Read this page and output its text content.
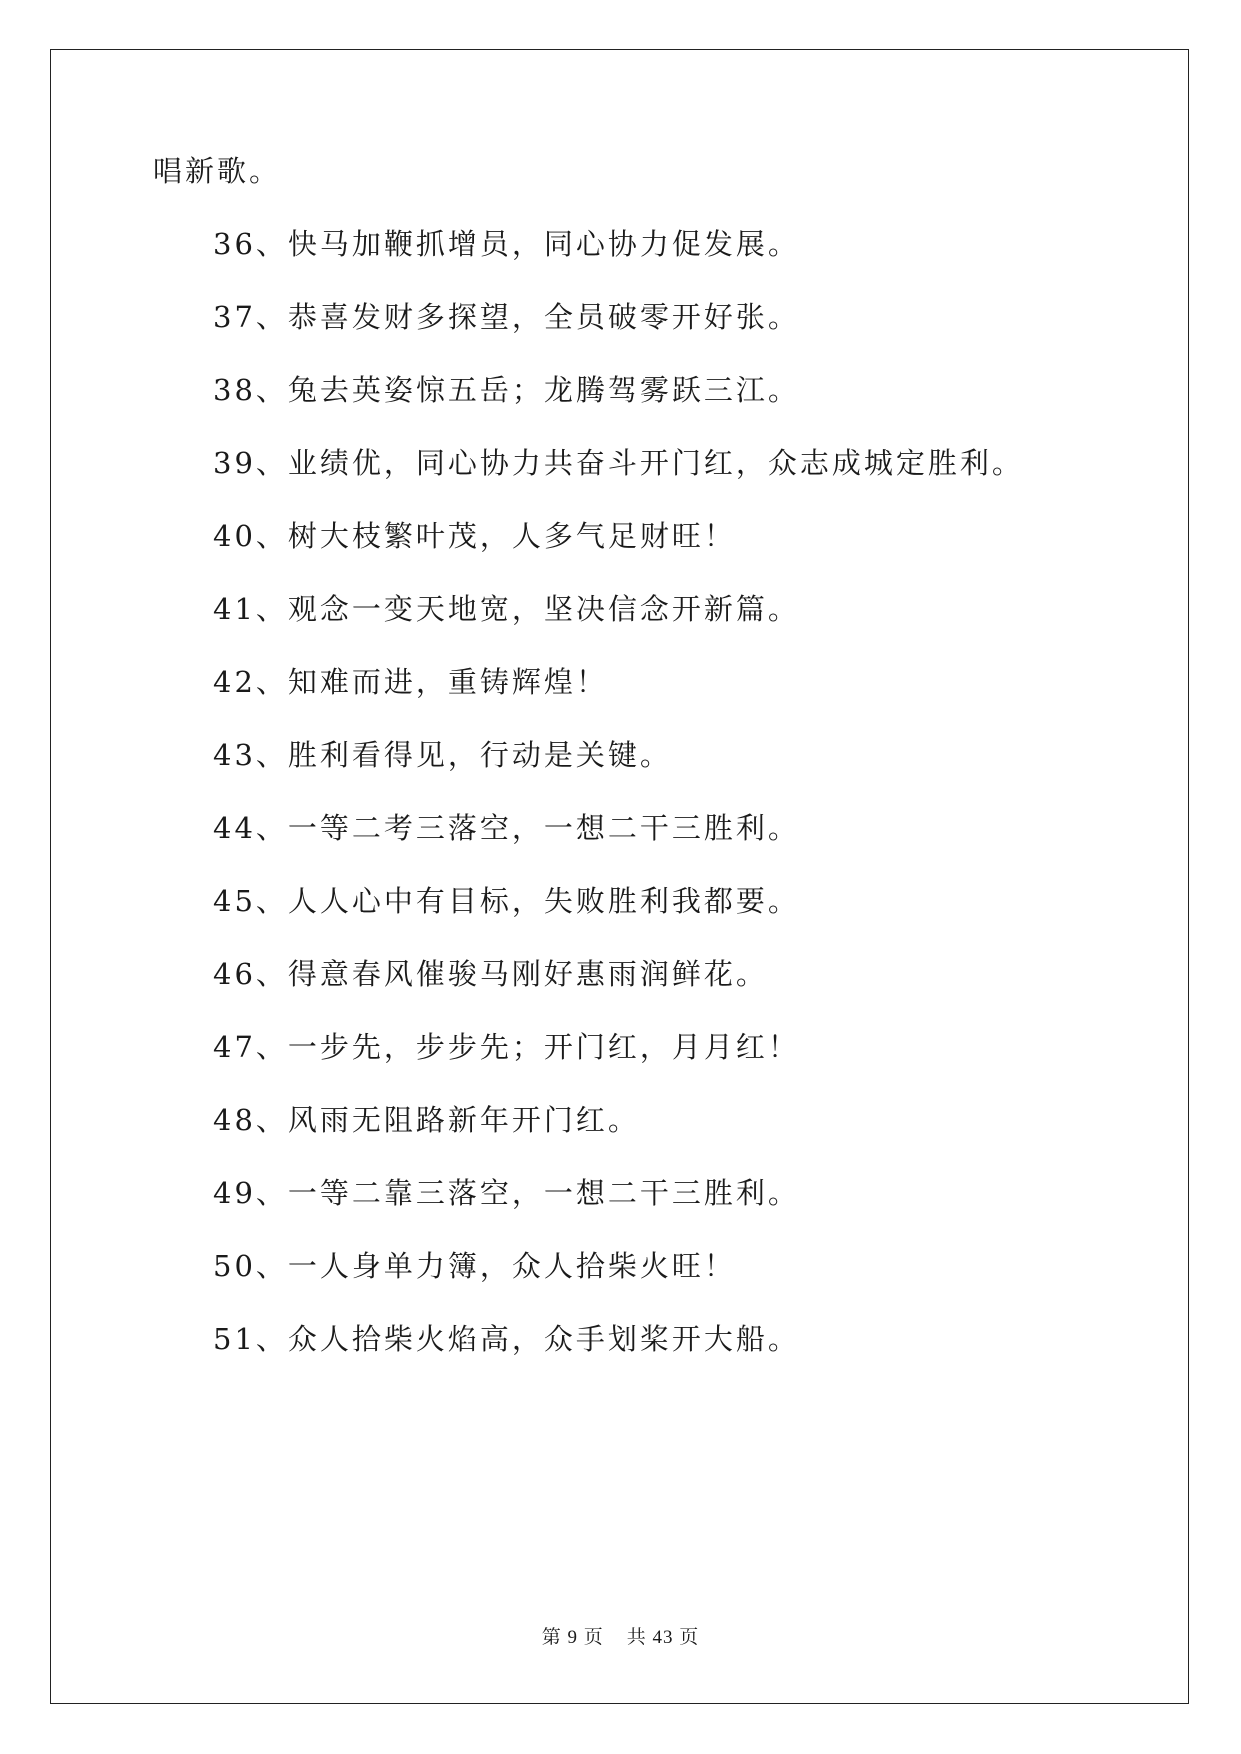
唱新歌。

36、快马加鞭抓增员，同心协力促发展。

37、恭喜发财多探望，全员破零开好张。

38、兔去英姿惊五岳；龙腾驾雾跃三江。

39、业绩优，同心协力共奋斗开门红，众志成城定胜利。

40、树大枝繁叶茂，人多气足财旺！

41、观念一变天地宽，坚决信念开新篇。

42、知难而进，重铸辉煌！

43、胜利看得见，行动是关键。

44、一等二考三落空，一想二干三胜利。

45、人人心中有目标，失败胜利我都要。

46、得意春风催骏马刚好惠雨润鲜花。

47、一步先，步步先；开门红，月月红！

48、风雨无阻路新年开门红。

49、一等二靠三落空，一想二干三胜利。

50、一人身单力簿，众人拾柴火旺！

51、众人拾柴火焰高，众手划桨开大船。

第 9 页 共 43 页
